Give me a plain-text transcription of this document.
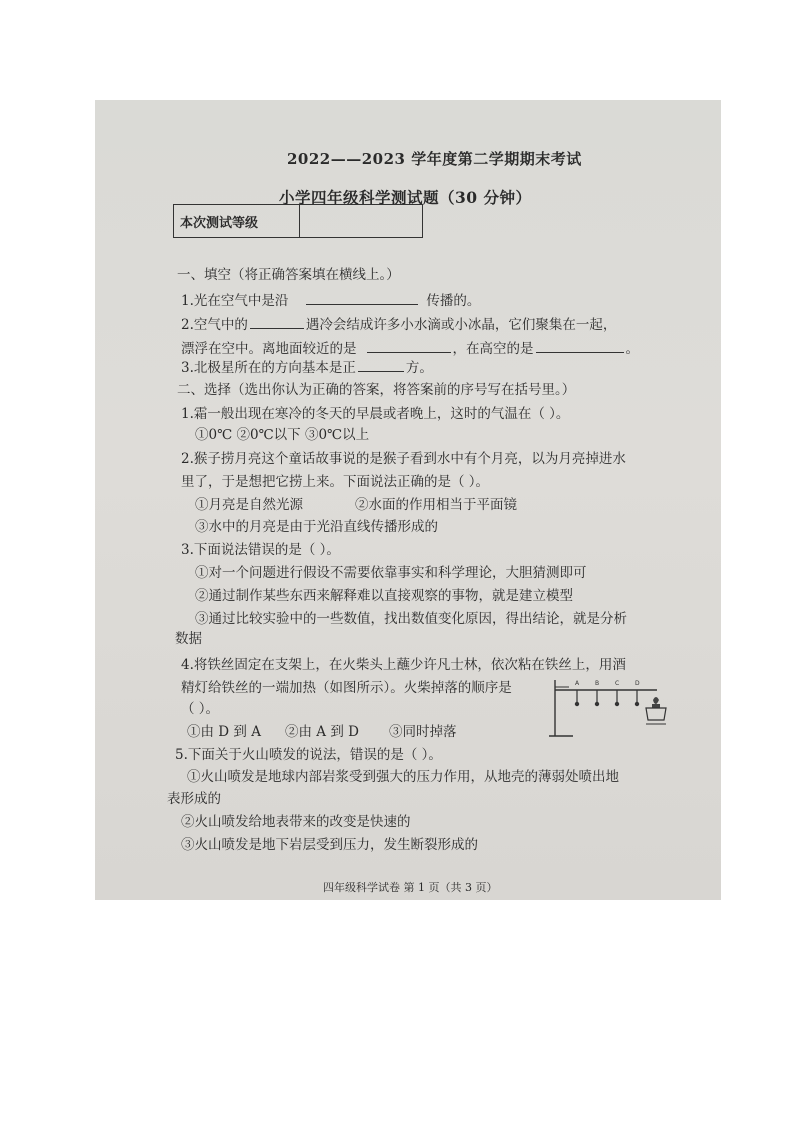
2022——2023 学年度第二学期期末考试
小学四年级科学测试题（30 分钟）
本次测试等级
一、填空（将正确答案填在横线上。）
1.光在空气中是沿	传播的。
2.空气中的	遇冷会结成许多小水滴或小冰晶，它们聚集在一起，
漂浮在空中。离地面较近的是	，在高空的是	。
3.北极星所在的方向基本是正	方。
二、选择（选出你认为正确的答案，将答案前的序号写在括号里。）
1.霜一般出现在寒冷的冬天的早晨或者晚上，这时的气温在（ ）。
①0℃ ②0℃以下 ③0℃以上
2.猴子捞月亮这个童话故事说的是猴子看到水中有个月亮，以为月亮掉进水
里了，于是想把它捞上来。下面说法正确的是（ ）。
①月亮是自然光源	②水面的作用相当于平面镜
③水中的月亮是由于光沿直线传播形成的
3.下面说法错误的是（ ）。
①对一个问题进行假设不需要依靠事实和科学理论，大胆猜测即可
②通过制作某些东西来解释难以直接观察的事物，就是建立模型
③通过比较实验中的一些数值，找出数值变化原因，得出结论，就是分析
数据
4.将铁丝固定在支架上，在火柴头上蘸少许凡士林，依次粘在铁丝上，用酒
精灯给铁丝的一端加热（如图所示）。火柴掉落的顺序是
（ ）。
A	B	C	D
①由 D 到 A ②由 A 到 D ③同时掉落
5.下面关于火山喷发的说法，错误的是（ ）。
①火山喷发是地球内部岩浆受到强大的压力作用，从地壳的薄弱处喷出地
表形成的
②火山喷发给地表带来的改变是快速的
③火山喷发是地下岩层受到压力，发生断裂形成的
四年级科学试卷 第 1 页（共 3 页）
